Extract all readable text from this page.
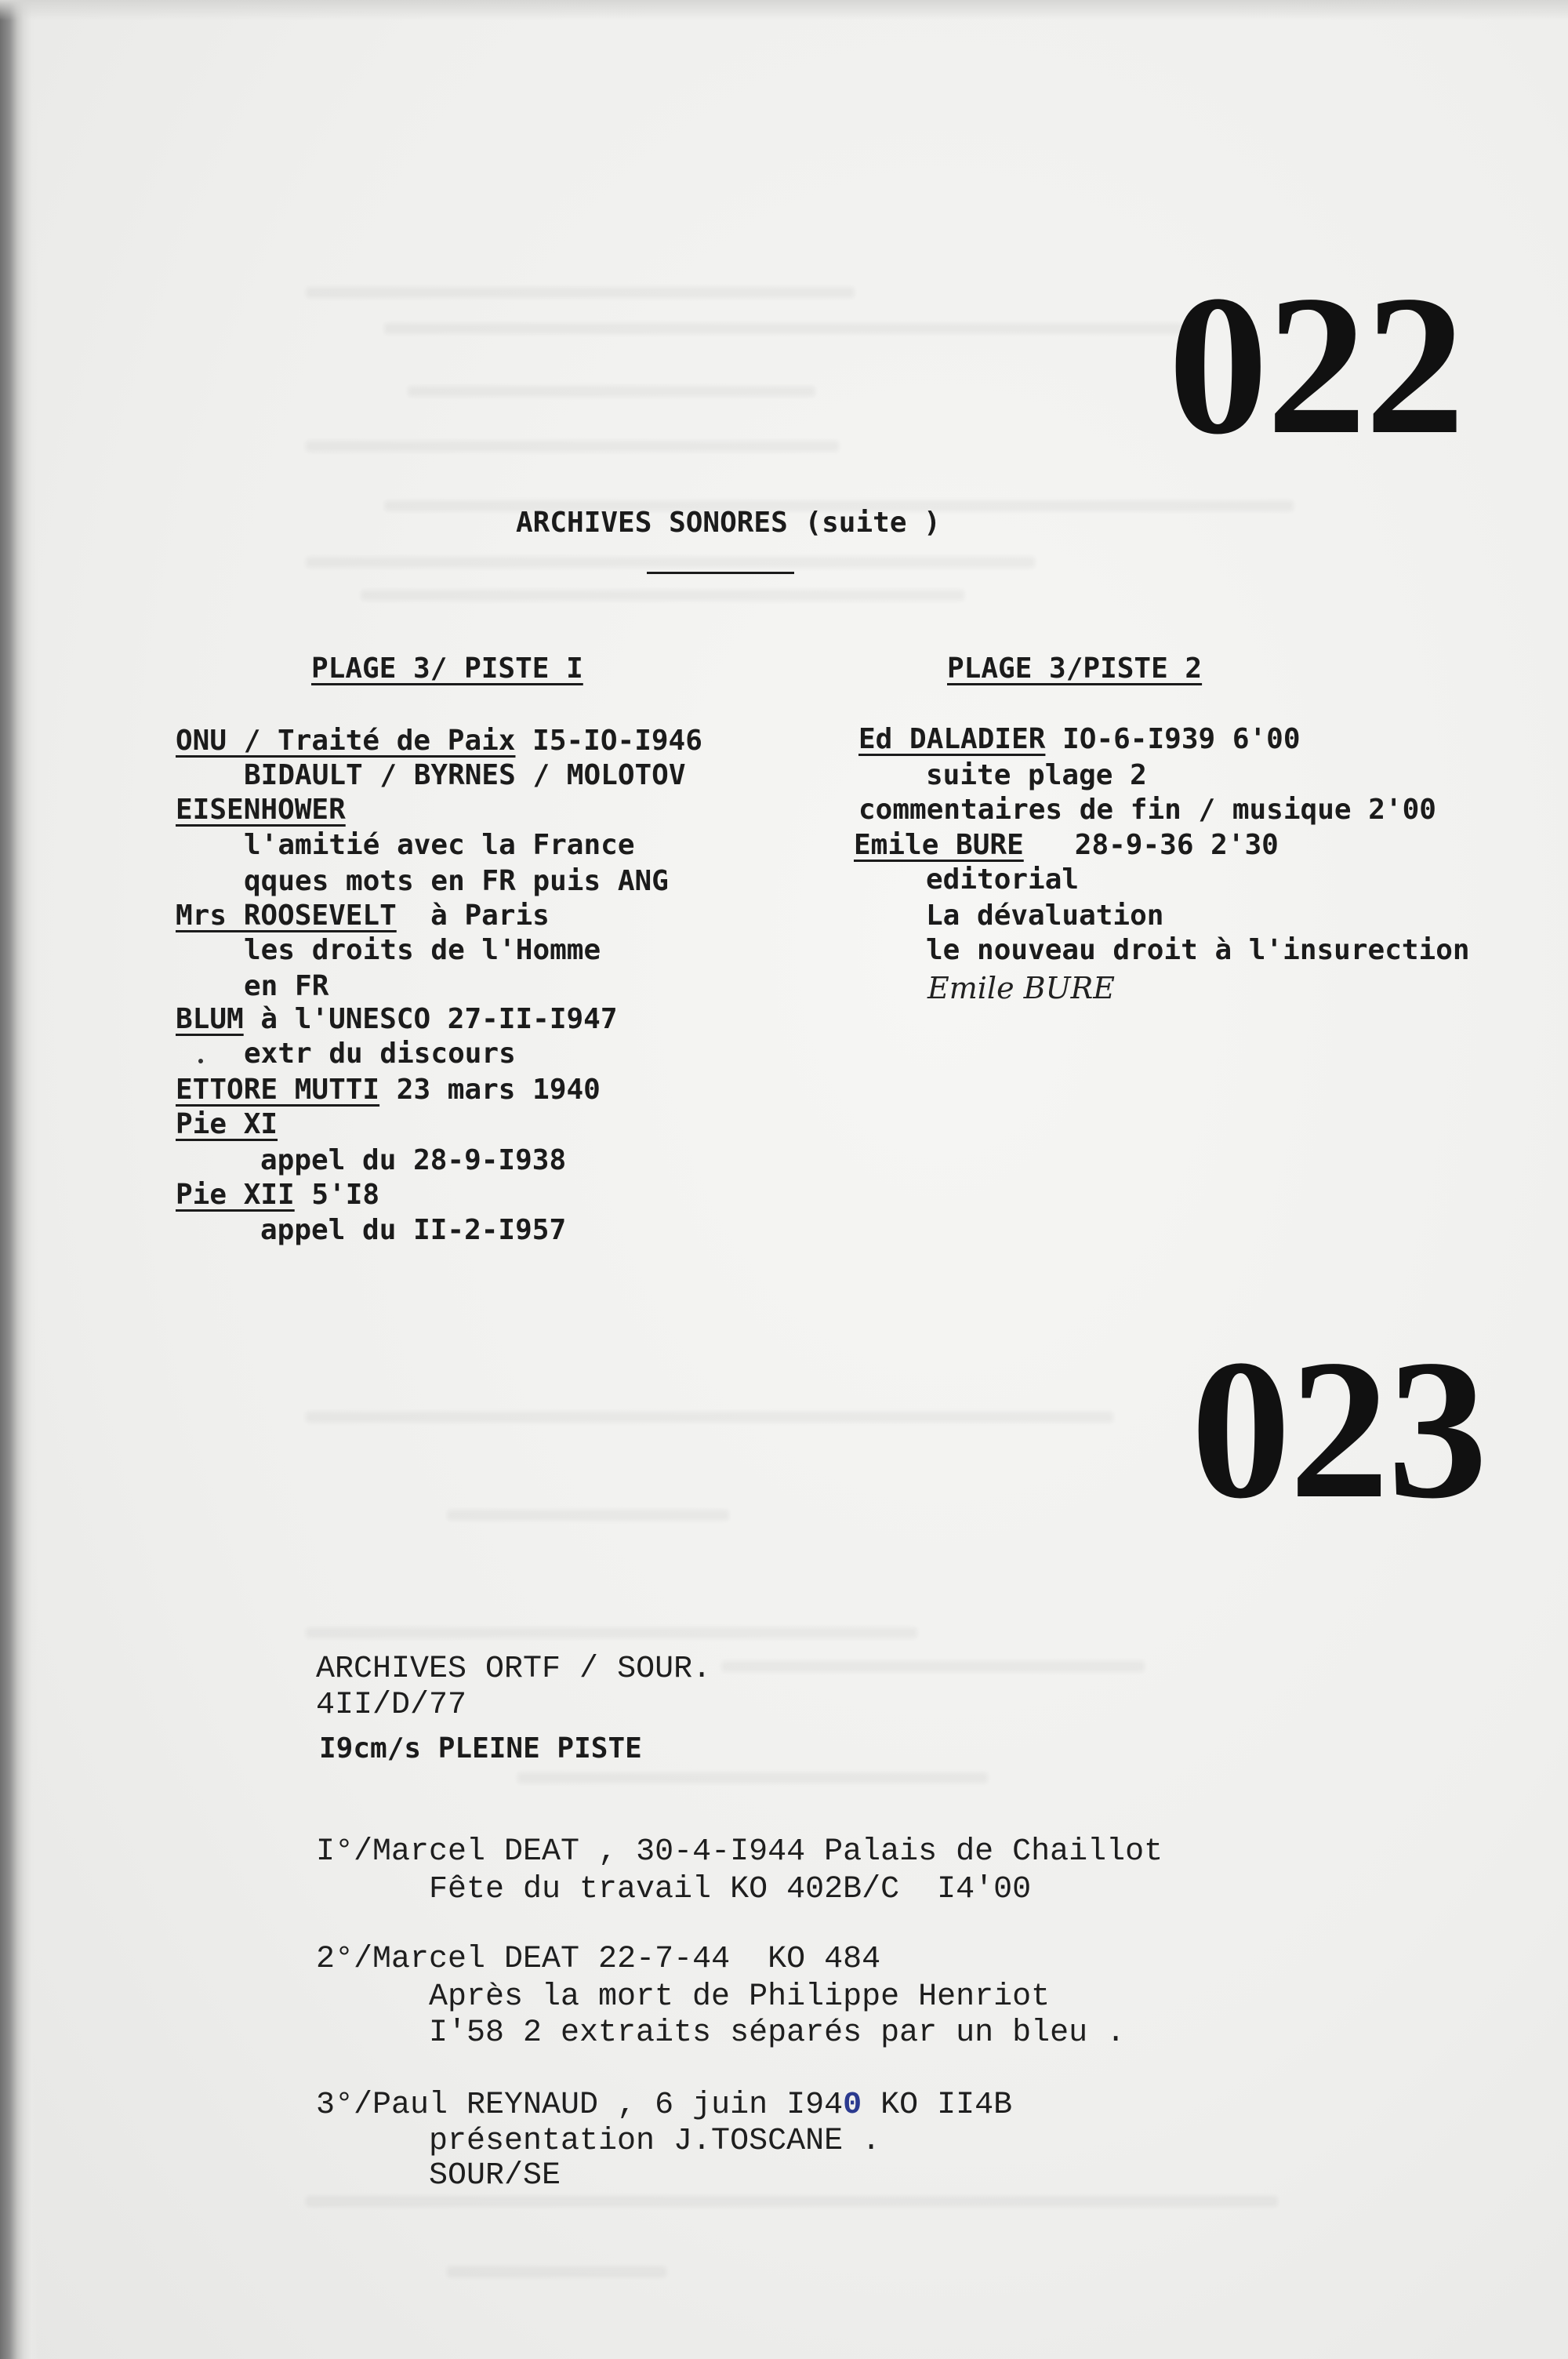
022
023
ARCHIVES SONORES (suite )
PLAGE 3/ PISTE I	PLAGE 3/PISTE 2
ONU / Traité de Paix I5-IO-I946
BIDAULT / BYRNES / MOLOTOV
EISENHOWER
l'amitié avec la France
qques mots en FR puis ANG
Mrs ROOSEVELT  à Paris
les droits de l'Homme
en FR
BLUM à l'UNESCO 27-II-I947
extr du discours
ETTORE MUTTI 23 mars 1940
Pie XI
appel du 28-9-I938
Pie XII 5'I8
appel du II-2-I957
Ed DALADIER IO-6-I939 6'00
suite plage 2
commentaires de fin / musique 2'00
Emile BURE   28-9-36 2'30
editorial
La dévaluation
le nouveau droit à l'insurection
Emile BURE
ARCHIVES ORTF / SOUR.
4II/D/77
I9cm/s PLEINE PISTE
I°/Marcel DEAT , 30-4-I944 Palais de Chaillot
Fête du travail KO 402B/C  I4'00
2°/Marcel DEAT 22-7-44  KO 484
Après la mort de Philippe Henriot
I'58 2 extraits séparés par un bleu .
3°/Paul REYNAUD , 6 juin I940 KO II4B
présentation J.TOSCANE .
SOUR/SE
